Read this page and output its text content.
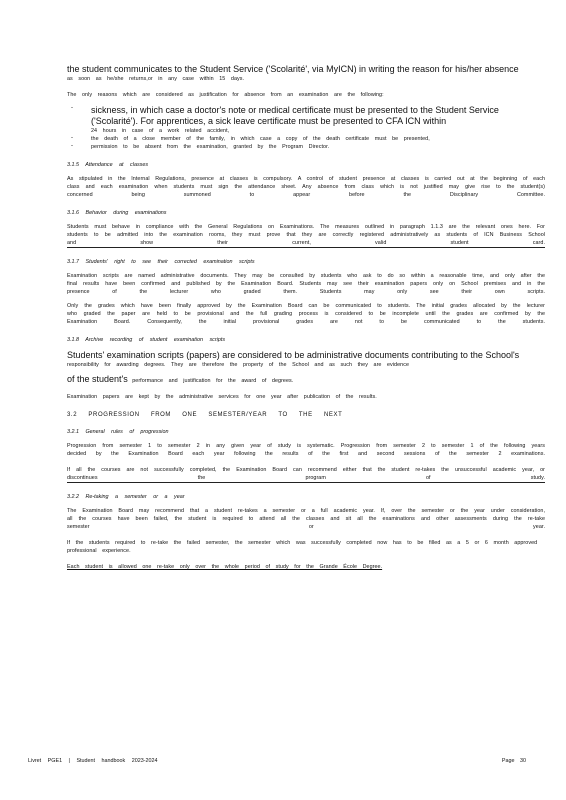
the student communicates to the Student Service ('Scolarité', via MyICN) in writing the reason for his/her absence

as soon as he/she returns,or in any case within 15 days.

The only reasons which are considered as justification for absence from an examination are the following:

- sickness, in which case a doctor's note or medical certificate must be presented to the Student Service ('Scolarité'). For apprentices, a sick leave certificate must be presented to CFA ICN within

24 hours in case of a work related accident,

-	the death of a close member of the family, in which case a copy of the death certificate must be presented,

-	permission to be absent from the examination, granted by the Program Director.

3.1.5 Attendance at classes

As stipulated in the Internal Regulations, presence at classes is compulsory. A control of student presence at classes is carried out at the beginning of each class and each examination when students must sign the attendance sheet. Any absence from class which is not justified may give rise to the student(s) concerned being summoned to appear before the Disciplinary Committee.

3.1.6 Behavior during examinations

Students must behave in compliance with the General Regulations on Examinations. The measures outlined in paragraph 1.1.3 are the relevant ones here. For students to be admitted into the examination rooms, they must prove that they are correctly registered administratively as students of ICN Business School and show their current, valid student card.

3.1.7 Students' right to see their corrected examination scripts

Examination scripts are named administrative documents. They may be consulted by students who ask to do so within a reasonable time, and only after the final results have been confirmed and published by the Examination Board. Students may see their examination papers only on School premises and in the presence of the lecturer who graded them. Students may only see their own scripts.

Only the grades which have been finally approved by the Examination Board can be communicated to students. The initial grades allocated by the lecturer who graded the paper are held to be provisional and the full grading process is considered to be incomplete until the grades are confirmed by the Examination Board. Consequently, the initial provisional grades are not to be communicated to the students.

3.1.8 Archive recording of student examination scripts

Students' examination scripts (papers) are considered to be administrative documents contributing to the School's

responsibility for awarding degrees. They are therefore the property of the School and as such they are evidence

of the student's performance and justification for the award of degrees.

Examination papers are kept by the administrative services for one year after publication of the results.

3.2 PROGRESSION FROM ONE SEMESTER/YEAR TO THE NEXT

3.2.1 General rules of progression

Progression from semester 1 to semester 2 in any given year of study is systematic. Progression from semester 2 to semester 1 of the following years decided by the Examination Board each year following the results of the first and second sessions of the semester 2 examinations.

If all the courses are not successfully completed, the Examination Board can recommend either that the student re-takes the unsuccessful academic year, or discontinues the program of study.

3.2.2 Re-taking a semester or a year

The Examination Board may recommend that a student re-takes a semester or a full academic year. If, over the semester or the year under consideration, all the courses have been failed, the student is required to attend all the classes and sit all the examinations and other assessments during the re-take semester or year.

If the students required to re-take the failed semester, the semester which was successfully completed now has to be filled as a 5 or 6 month approved professional experience.

Each student is allowed one re-take only over the whole period of study for the Grande École Degree.

Livret PGE1 | Student handbook 2023-2024	Page 30
